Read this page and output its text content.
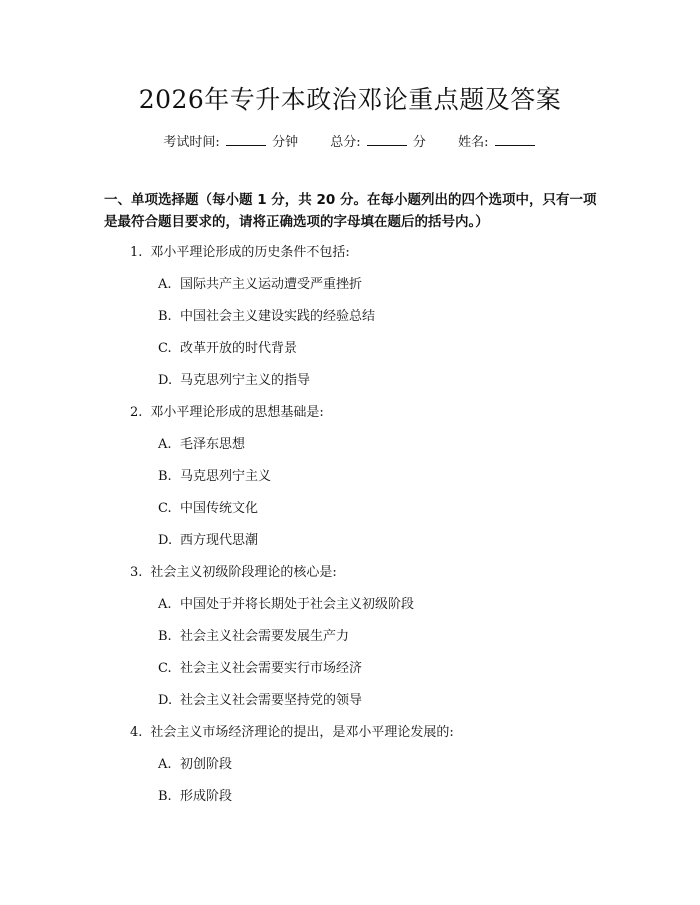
2026年专升本政治邓论重点题及答案
考试时间:	分钟 总分:	分 姓名:
一、单项选择题（每小题 1 分，共 20 分。在每小题列出的四个选项中，只有一项是最符合题目要求的，请将正确选项的字母填在题后的括号内。）
1. 邓小平理论形成的历史条件不包括:
A. 国际共产主义运动遭受严重挫折
B. 中国社会主义建设实践的经验总结
C. 改革开放的时代背景
D. 马克思列宁主义的指导
2. 邓小平理论形成的思想基础是:
A. 毛泽东思想
B. 马克思列宁主义
C. 中国传统文化
D. 西方现代思潮
3. 社会主义初级阶段理论的核心是:
A. 中国处于并将长期处于社会主义初级阶段
B. 社会主义社会需要发展生产力
C. 社会主义社会需要实行市场经济
D. 社会主义社会需要坚持党的领导
4. 社会主义市场经济理论的提出，是邓小平理论发展的:
A. 初创阶段
B. 形成阶段
